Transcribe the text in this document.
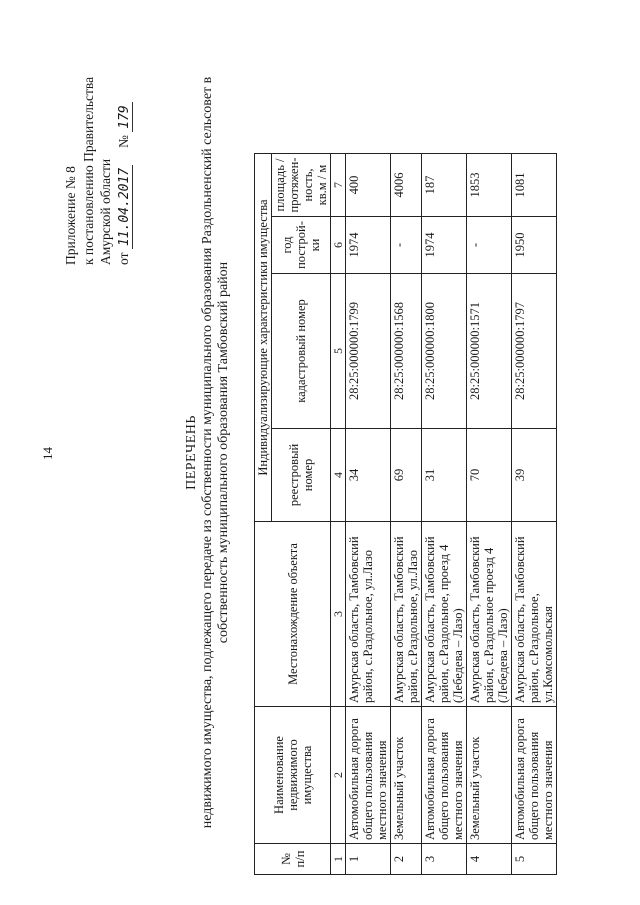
14
Приложение № 8 к постановлению Правительства Амурской области от 11.04.2017     № 179
ПЕРЕЧЕНЬ недвижимого имущества, подлежащего передаче из собственности муниципального образования Раздольненский сельсовет в собственность муниципального образования Тамбовский район
№ п/п	Наименование недвижимого имущества	Местонахождение объекта	Индивидуализирующие характеристики имущества			
			реестровый номер	кадастровый номер	год построй-ки	площадь / протяжен-ность, кв.м / м
1	2	3	4	5	6	7
1	Автомобильная дорога общего пользования местного значения	Амурская область, Тамбовский район, с.Раздольное, ул.Лазо	34	28:25:000000:1799	1974	400
2	Земельный участок	Амурская область, Тамбовский район, с.Раздольное, ул.Лазо	69	28:25:000000:1568	-	4006
3	Автомобильная дорога общего пользования местного значения	Амурская область, Тамбовский район, с.Раздольное, проезд 4 (Лебедева – Лазо)	31	28:25:000000:1800	1974	187
4	Земельный участок	Амурская область, Тамбовский район, с.Раздольное проезд 4 (Лебедева – Лазо)	70	28:25:000000:1571	-	1853
5	Автомобильная дорога общего пользования местного значения	Амурская область, Тамбовский район, с.Раздольное, ул.Комсомольская	39	28:25:000000:1797	1950	1081
